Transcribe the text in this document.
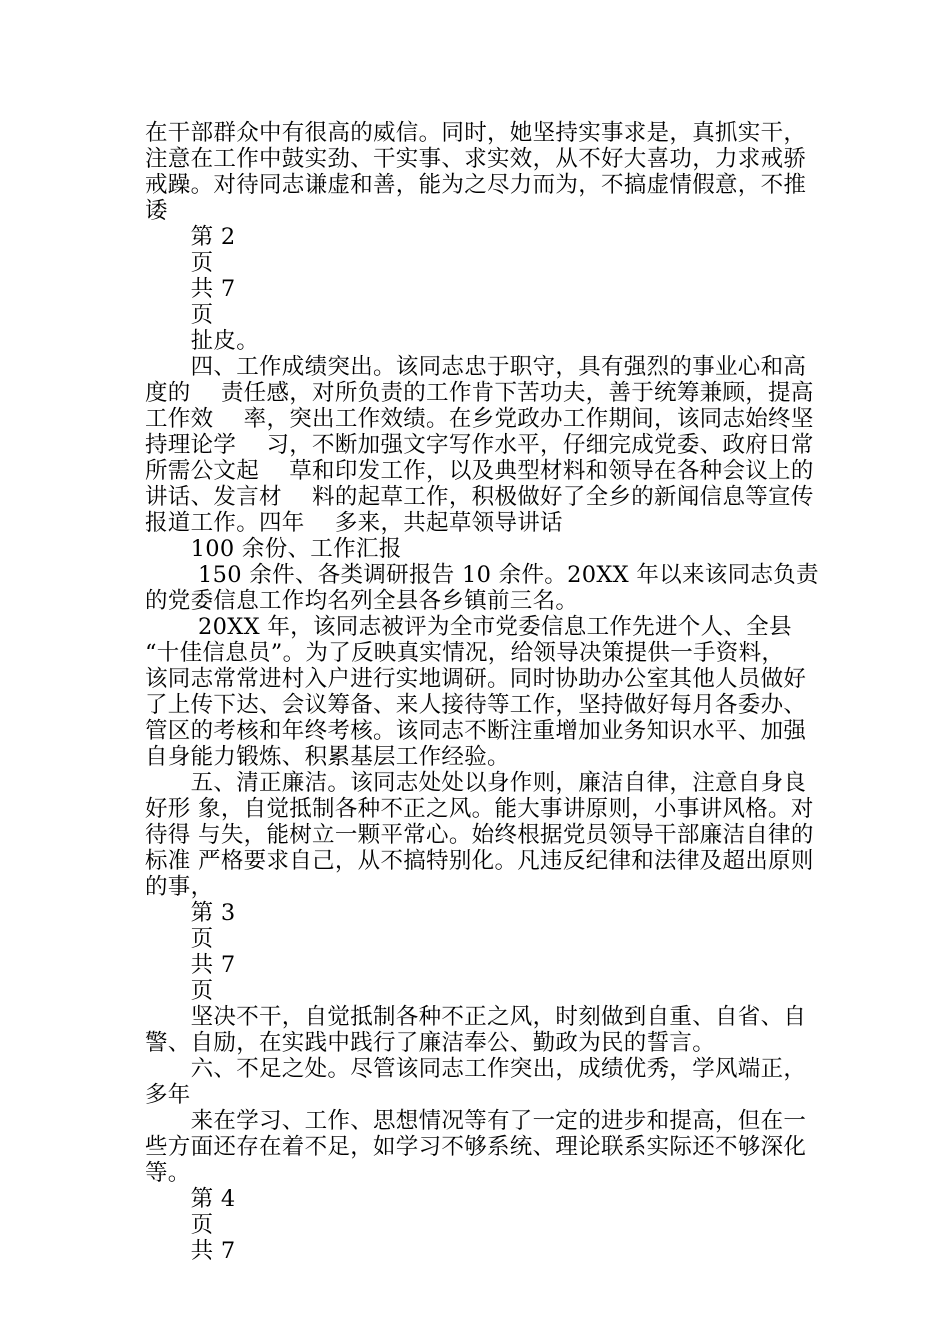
在干部群众中有很高的威信。同时，她坚持实事求是，真抓实干，
注意在工作中鼓实劲、干实事、求实效，从不好大喜功，力求戒骄
戒躁。对待同志谦虚和善，能为之尽力而为，不搞虚情假意，不推
诿
　　第 2
　　页
　　共 7
　　页
　　扯皮。
　　四、工作成绩突出。该同志忠于职守，具有强烈的事业心和高
度的　 责任感，对所负责的工作肯下苦功夫，善于统筹兼顾，提高
工作效　 率，突出工作效绩。在乡党政办工作期间，该同志始终坚
持理论学　 习，不断加强文字写作水平，仔细完成党委、政府日常
所需公文起　 草和印发工作，以及典型材料和领导在各种会议上的
讲话、发言材　 料的起草工作，积极做好了全乡的新闻信息等宣传
报道工作。四年　 多来，共起草领导讲话
　　100 余份、工作汇报
　　 150 余件、各类调研报告 10 余件。20XX 年以来该同志负责
的党委信息工作均名列全县各乡镇前三名。
　　 20XX 年，该同志被评为全市党委信息工作先进个人、全县
“十佳信息员”。为了反映真实情况，给领导决策提供一手资料，
该同志常常进村入户进行实地调研。同时协助办公室其他人员做好
了上传下达、会议筹备、来人接待等工作，坚持做好每月各委办、
管区的考核和年终考核。该同志不断注重增加业务知识水平、加强
自身能力锻炼、积累基层工作经验。
　　五、清正廉洁。该同志处处以身作则，廉洁自律，注意自身良
好形 象，自觉抵制各种不正之风。能大事讲原则，小事讲风格。对
待得 与失，能树立一颗平常心。始终根据党员领导干部廉洁自律的
标准 严格要求自己，从不搞特别化。凡违反纪律和法律及超出原则
的事，
　　第 3
　　页
　　共 7
　　页
　　坚决不干，自觉抵制各种不正之风，时刻做到自重、自省、自
警、自励，在实践中践行了廉洁奉公、勤政为民的誓言。
　　六、不足之处。尽管该同志工作突出，成绩优秀，学风端正，
多年
　　来在学习、工作、思想情况等有了一定的进步和提高，但在一
些方面还存在着不足，如学习不够系统、理论联系实际还不够深化
等。
　　第 4
　　页
　　共 7
